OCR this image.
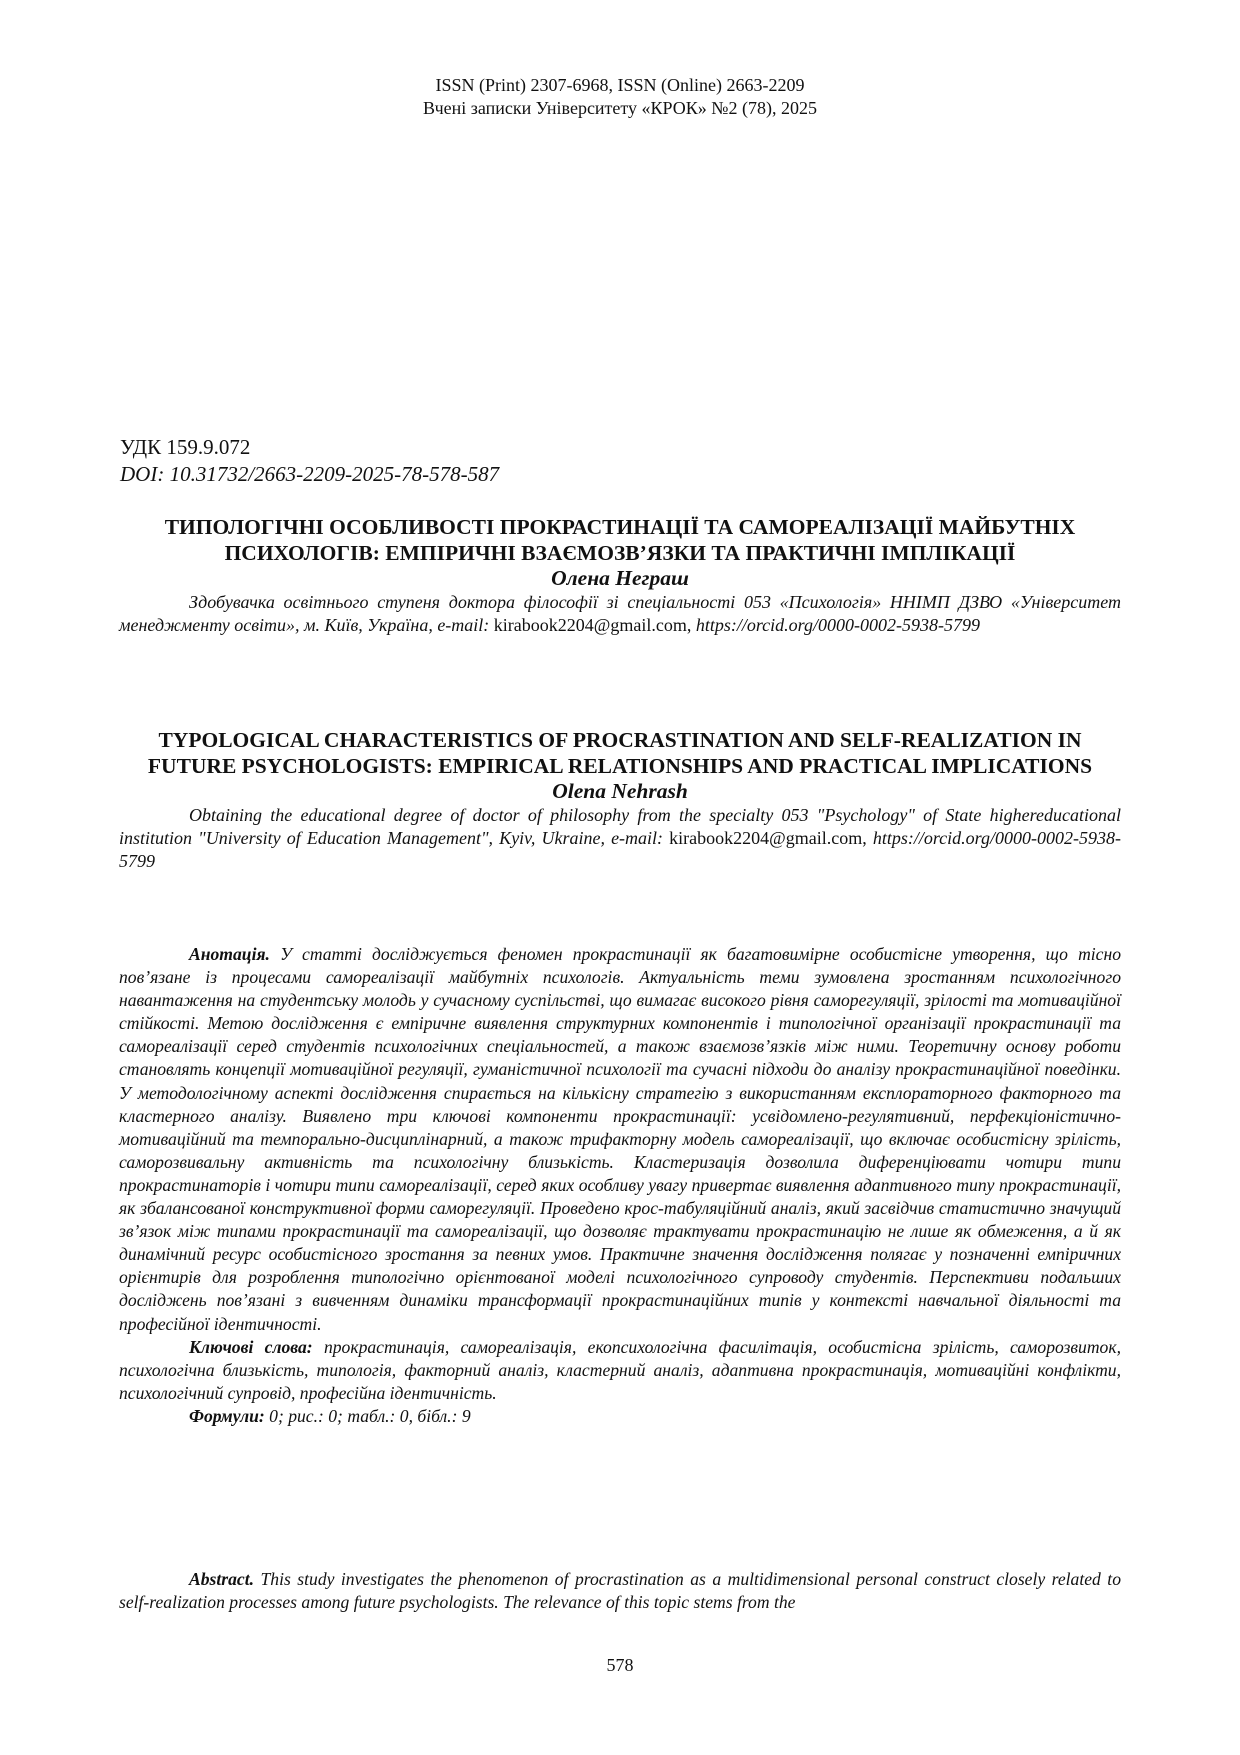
ISSN (Print) 2307-6968, ISSN (Online) 2663-2209
Вчені записки Університету «КРОК» №2 (78), 2025
УДК 159.9.072
DOI: 10.31732/2663-2209-2025-78-578-587

ТИПОЛОГІЧНІ ОСОБЛИВОСТІ ПРОКРАСТИНАЦІЇ ТА САМОРЕАЛІЗАЦІЇ МАЙБУТНІХ ПСИХОЛОГІВ: ЕМПІРИЧНІ ВЗАЄМОЗВ’ЯЗКИ ТА ПРАКТИЧНІ ІМПЛІКАЦІЇ

Олена Неграш
Здобувачка освітнього ступеня доктора філософії зі спеціальності 053 «Психологія» ННІМП ДЗВО «Університет менеджменту освіти», м. Київ, Україна, e-mail: kirabook2204@gmail.com, https://orcid.org/0000-0002-5938-5799

TYPOLOGICAL CHARACTERISTICS OF PROCRASTINATION AND SELF-REALIZATION IN FUTURE PSYCHOLOGISTS: EMPIRICAL RELATIONSHIPS AND PRACTICAL IMPLICATIONS

Olena Nehrash
Obtaining the educational degree of doctor of philosophy from the specialty 053 "Psychology" of State highereducational institution "University of Education Management", Kyiv, Ukraine, e-mail: kirabook2204@gmail.com, https://orcid.org/0000-0002-5938-5799

Анотація. У статті досліджується феномен прокрастинації як багатовимірне особистісне утворення, що тісно пов’язане із процесами самореалізації майбутніх психологів. Актуальність теми зумовлена зростанням психологічного навантаження на студентську молодь у сучасному суспільстві, що вимагає високого рівня саморегуляції, зрілості та мотиваційної стійкості. Метою дослідження є емпіричне виявлення структурних компонентів і типологічної організації прокрастинації та самореалізації серед студентів психологічних спеціальностей, а також взаємозв’язків між ними. Теоретичну основу роботи становлять концепції мотиваційної регуляції, гуманістичної психології та сучасні підходи до аналізу прокрастинаційної поведінки. У методологічному аспекті дослідження спирається на кількісну стратегію з використанням експлораторного факторного та кластерного аналізу. Виявлено три ключові компоненти прокрастинації: усвідомлено-регулятивний, перфекціоністично-мотиваційний та темпорально-дисциплінарний, а також трифакторну модель самореалізації, що включає особистісну зрілість, саморозвивальну активність та психологічну близькість. Кластеризація дозволила диференціювати чотири типи прокрастинаторів і чотири типи самореалізації, серед яких особливу увагу привертає виявлення адаптивного типу прокрастинації, як збалансованої конструктивної форми саморегуляції. Проведено крос-табуляційний аналіз, який засвідчив статистично значущий зв’язок між типами прокрастинації та самореалізації, що дозволяє трактувати прокрастинацію не лише як обмеження, а й як динамічний ресурс особистісного зростання за певних умов. Практичне значення дослідження полягає у позначенні емпіричних орієнтирів для розроблення типологічно орієнтованої моделі психологічного супроводу студентів. Перспективи подальших досліджень пов’язані з вивченням динаміки трансформації прокрастинаційних типів у контексті навчальної діяльності та професійної ідентичності.

Ключові слова: прокрастинація, самореалізація, екопсихологічна фасилітація, особистісна зрілість, саморозвиток, психологічна близькість, типологія, факторний аналіз, кластерний аналіз, адаптивна прокрастинація, мотиваційні конфлікти, психологічний супровід, професійна ідентичність.

Формули: 0; рис.: 0; табл.: 0, бібл.: 9

Abstract. This study investigates the phenomenon of procrastination as a multidimensional personal construct closely related to self-realization processes among future psychologists. The relevance of this topic stems from the

578
